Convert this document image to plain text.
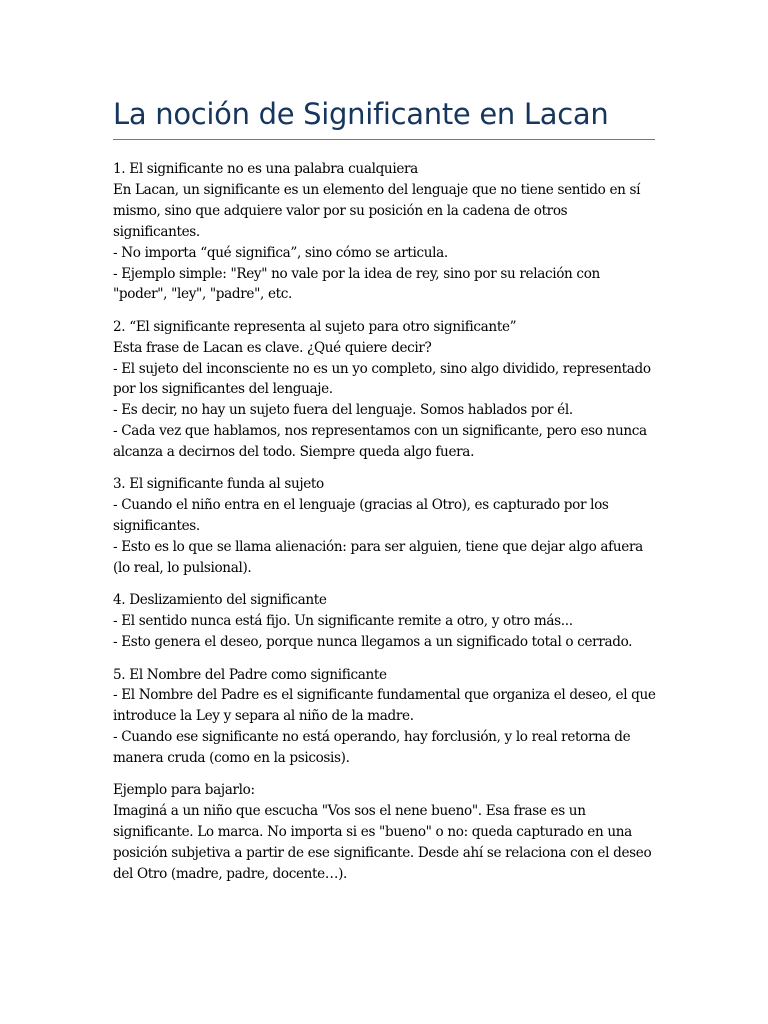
La noción de Significante en Lacan

1. El significante no es una palabra cualquiera

En Lacan, un significante es un elemento del lenguaje que no tiene sentido en sí mismo, sino que adquiere valor por su posición en la cadena de otros significantes.

- No importa “qué significa”, sino cómo se articula.

- Ejemplo simple: "Rey" no vale por la idea de rey, sino por su relación con "poder", "ley", "padre", etc.

2. “El significante representa al sujeto para otro significante”

Esta frase de Lacan es clave. ¿Qué quiere decir?

- El sujeto del inconsciente no es un yo completo, sino algo dividido, representado por los significantes del lenguaje.

- Es decir, no hay un sujeto fuera del lenguaje. Somos hablados por él.

- Cada vez que hablamos, nos representamos con un significante, pero eso nunca alcanza a decirnos del todo. Siempre queda algo fuera.

3. El significante funda al sujeto

- Cuando el niño entra en el lenguaje (gracias al Otro), es capturado por los significantes.

- Esto es lo que se llama alienación: para ser alguien, tiene que dejar algo afuera (lo real, lo pulsional).

4. Deslizamiento del significante

- El sentido nunca está fijo. Un significante remite a otro, y otro más...

- Esto genera el deseo, porque nunca llegamos a un significado total o cerrado.

5. El Nombre del Padre como significante

- El Nombre del Padre es el significante fundamental que organiza el deseo, el que introduce la Ley y separa al niño de la madre.

- Cuando ese significante no está operando, hay forclusión, y lo real retorna de manera cruda (como en la psicosis).

Ejemplo para bajarlo:

Imaginá a un niño que escucha "Vos sos el nene bueno". Esa frase es un significante. Lo marca. No importa si es "bueno" o no: queda capturado en una posición subjetiva a partir de ese significante. Desde ahí se relaciona con el deseo del Otro (madre, padre, docente…).
